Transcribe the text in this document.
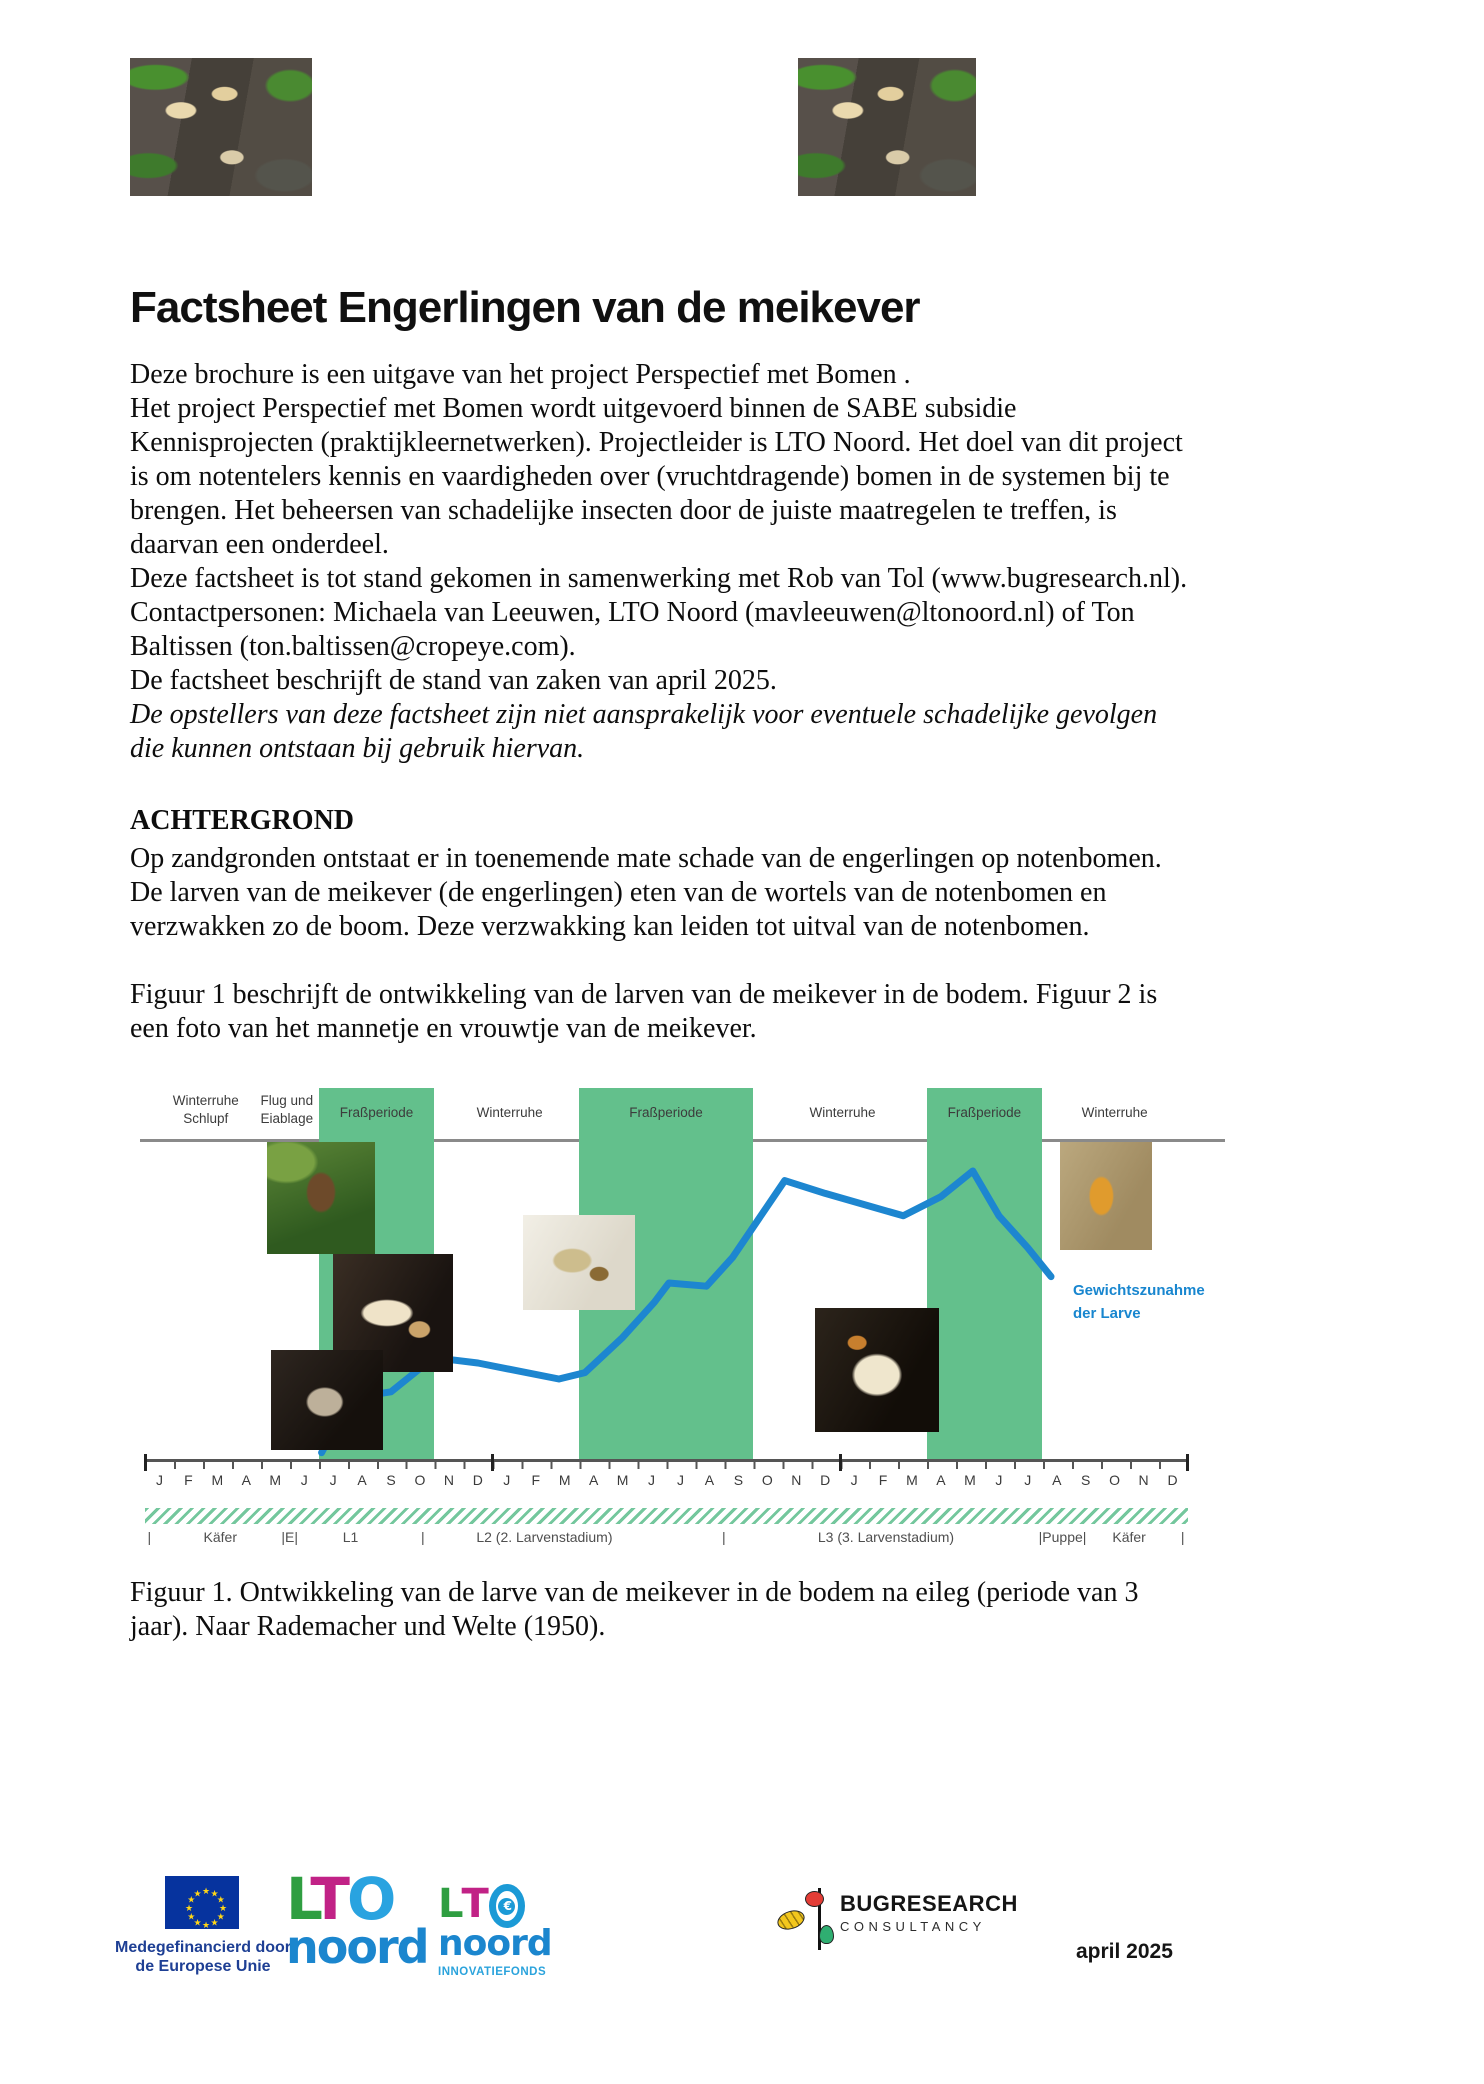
Factsheet Engerlingen van de meikever
Deze brochure is een uitgave van het project Perspectief met Bomen .
Het project Perspectief met Bomen wordt uitgevoerd binnen de SABE subsidie
Kennisprojecten (praktijkleernetwerken). Projectleider is LTO Noord. Het doel van dit project
is om notentelers kennis en vaardigheden over (vruchtdragende) bomen in de systemen bij te
brengen. Het beheersen van schadelijke insecten door de juiste maatregelen te treffen, is
daarvan een onderdeel.
Deze factsheet is tot stand gekomen in samenwerking met Rob van Tol (www.bugresearch.nl).
Contactpersonen: Michaela van Leeuwen, LTO Noord (mavleeuwen@ltonoord.nl) of Ton
Baltissen (ton.baltissen@cropeye.com).
De factsheet beschrijft de stand van zaken van april 2025.
De opstellers van deze factsheet zijn niet aansprakelijk voor eventuele schadelijke gevolgen
die kunnen ontstaan bij gebruik hiervan.
ACHTERGROND
Op zandgronden ontstaat er in toenemende mate schade van de engerlingen op notenbomen.
De larven van de meikever (de engerlingen) eten van de wortels van de notenbomen en
verzwakken zo de boom. Deze verzwakking kan leiden tot uitval van de notenbomen.
Figuur 1 beschrijft de ontwikkeling van de larven van de meikever in de bodem. Figuur 2 is
een foto van het mannetje en vrouwtje van de meikever.
Winterruhe
Schlupf
Flug und
Eiablage Fraßperiode	Winterruhe	Fraßperiode	Winterruhe	Fraßperiode	Winterruhe
Gewichtszunahme
der Larve
J F M A M J J A S O N D J F M A M J J A S O N D J F M A M J J A S O N D
|	Käfer	|E|	L1	|	L2 (2. Larvenstadium)	|	L3 (3. Larvenstadium)	|Puppe| Käfer |
Figuur 1. Ontwikkeling van de larve van de meikever in de bodem na eileg (periode van 3
jaar). Naar Rademacher und Welte (1950).
Medegefinancierd door
de Europese Unie
LTO
noord
L T	€
noord
INNOVATIEFONDS
BUGRESEARCH
CONSULTANCY
april 2025
